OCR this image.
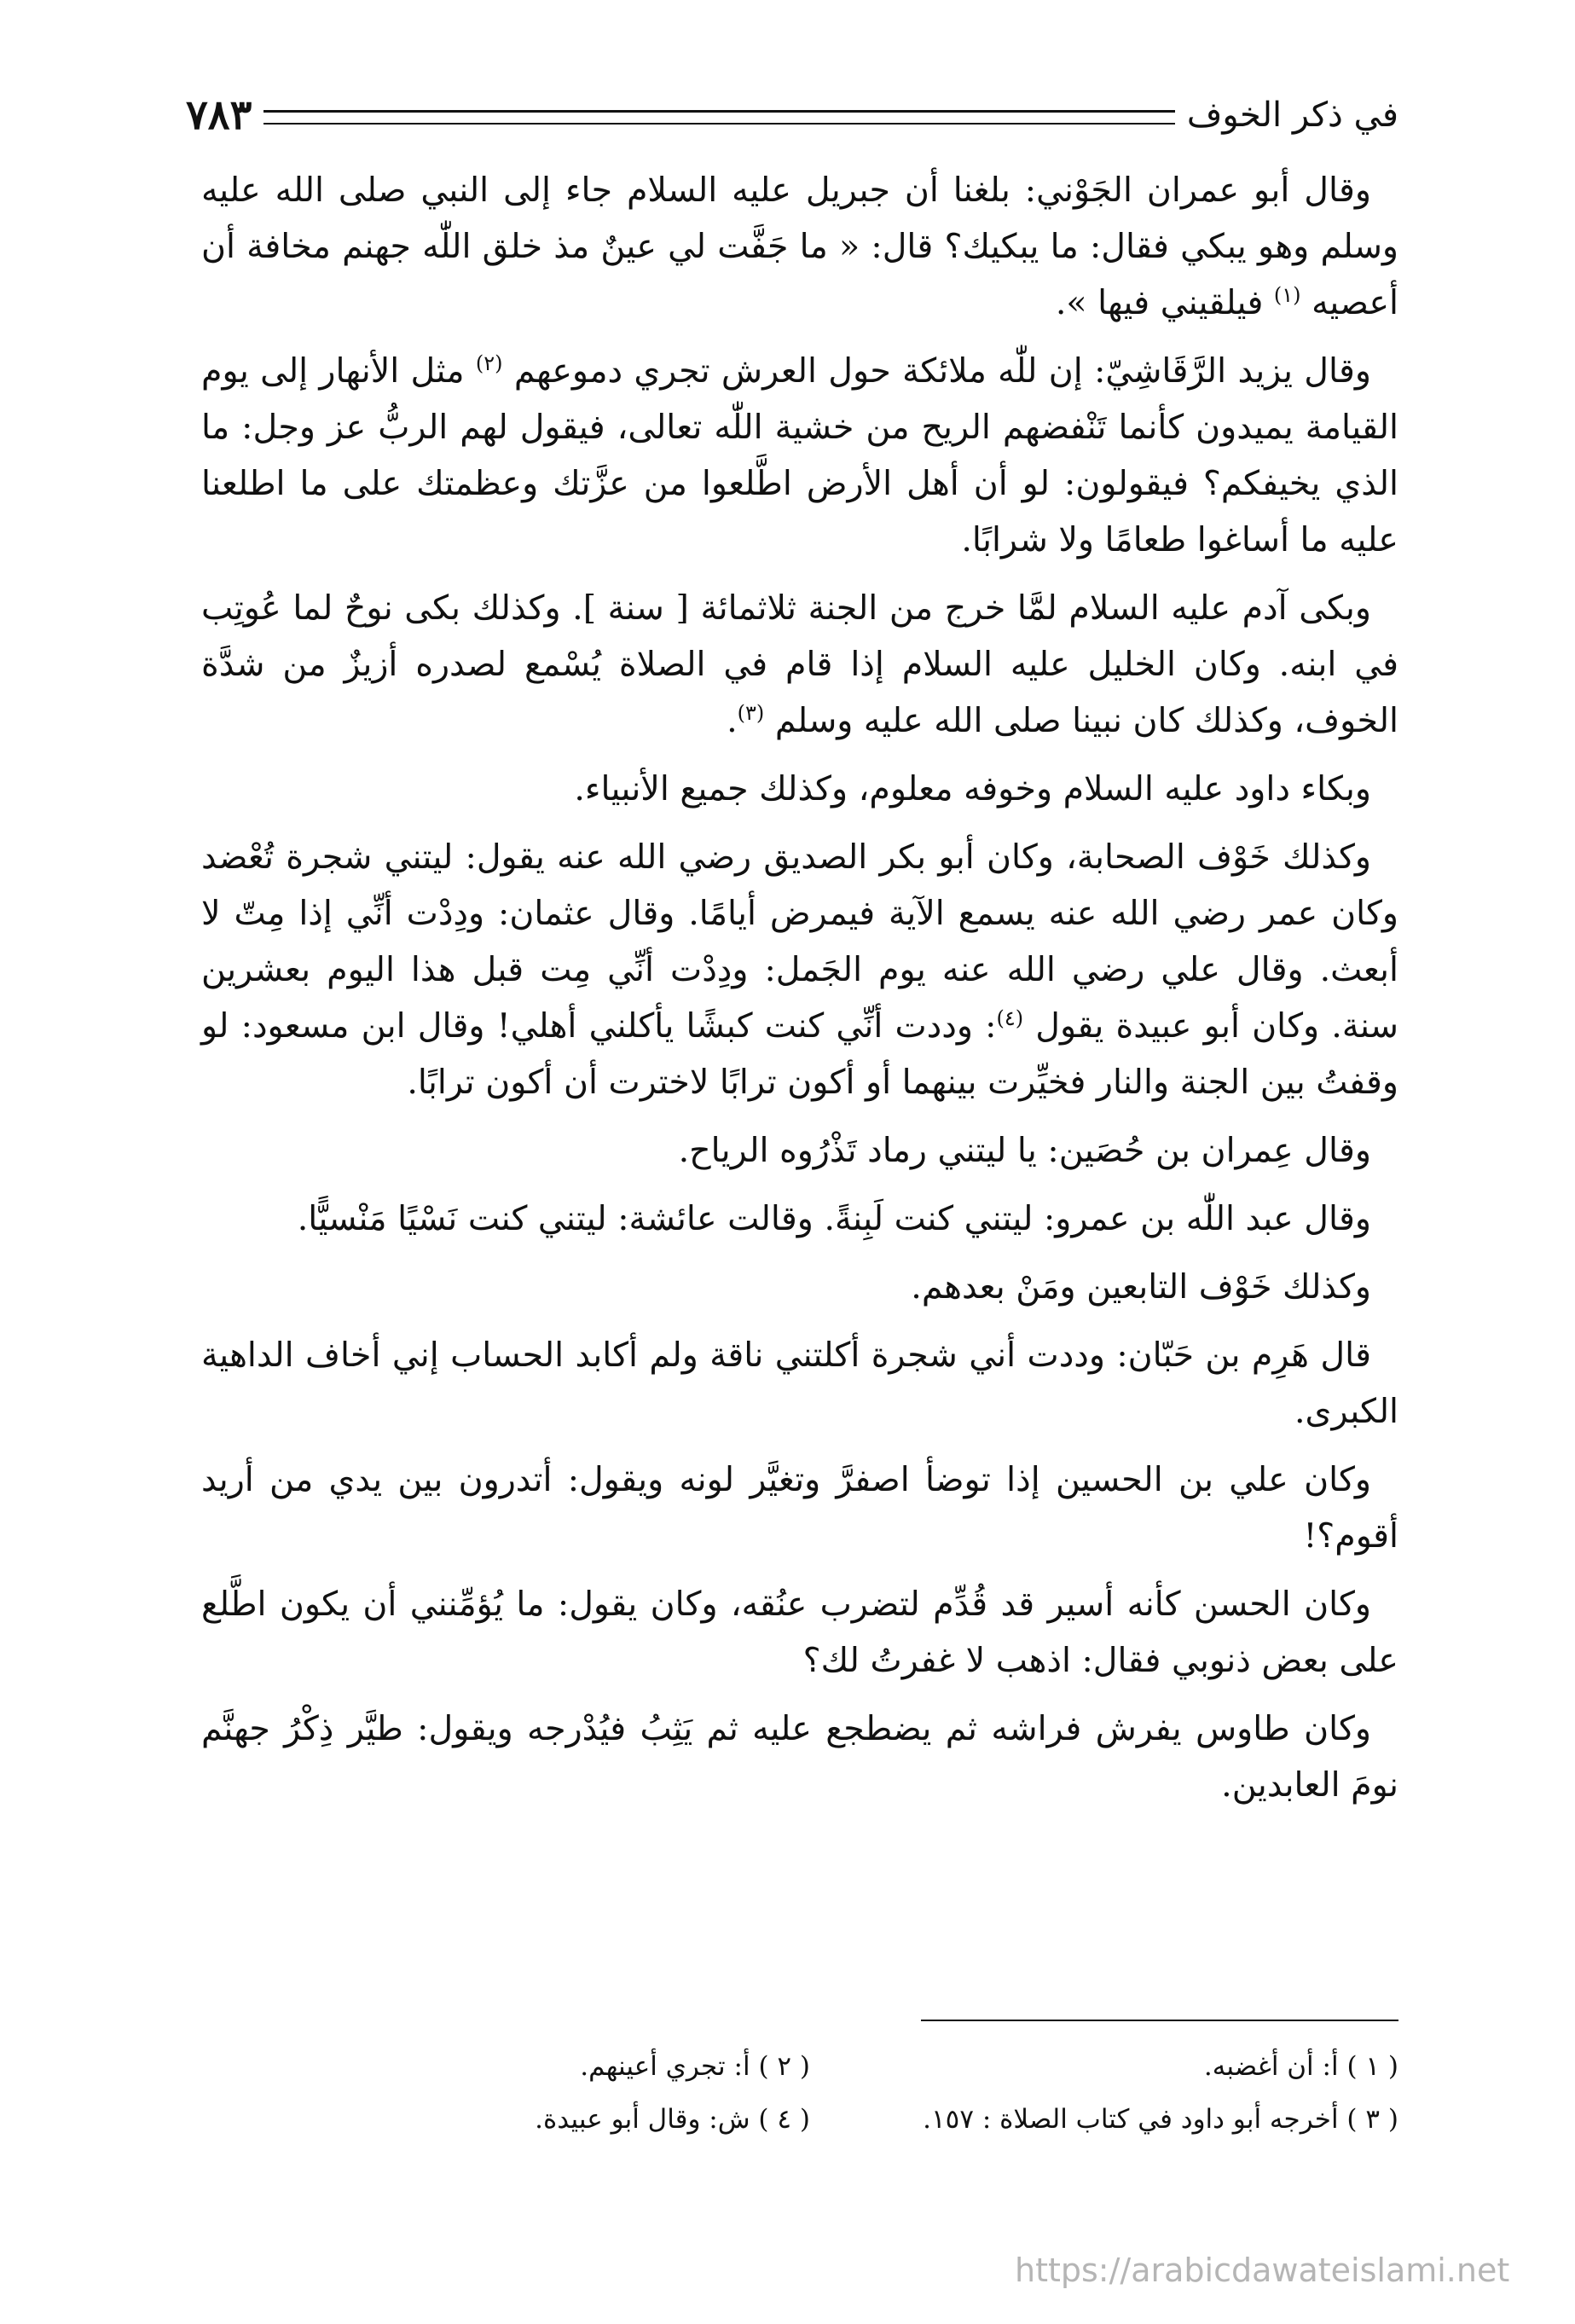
في ذكر الخوف
٧٨٣

وقال أبو عمران الجَوْني: بلغنا أن جبريل عليه السلام جاء إلى النبي صلى الله عليه وسلم وهو يبكي فقال: ما يبكيك؟ قال: « ما جَفَّت لي عينٌ مذ خلق اللّٰه جهنم مخافة أن أعصيه $^{(١)}$ فيلقيني فيها ».

وقال يزيد الرَّقَاشِيّ: إن للّٰه ملائكة حول العرش تجري دموعهم $^{(٢)}$ مثل الأنهار إلى يوم القيامة يميدون كأنما تَنْفضهم الريح من خشية اللّٰه تعالى، فيقول لهم الربُّ عز وجل: ما الذي يخيفكم؟ فيقولون: لو أن أهل الأرض اطَّلعوا من عزَّتك وعظمتك على ما اطلعنا عليه ما أساغوا طعامًا ولا شرابًا.

وبكى آدم عليه السلام لمَّا خرج من الجنة ثلاثمائة [ سنة ]. وكذلك بكى نوحٌ لما عُوتِب في ابنه. وكان الخليل عليه السلام إذا قام في الصلاة يُسْمع لصدره أزيزٌ من شدَّة الخوف، وكذلك كان نبينا صلى الله عليه وسلم $^{(٣)}$.

وبكاء داود عليه السلام وخوفه معلوم، وكذلك جميع الأنبياء.

وكذلك خَوْف الصحابة، وكان أبو بكر الصديق رضي الله عنه يقول: ليتني شجرة تُعْضد وكان عمر رضي الله عنه يسمع الآية فيمرض أيامًا. وقال عثمان: ودِدْت أنِّي إذا مِتّ لا أبعث. وقال علي رضي الله عنه يوم الجَمل: ودِدْت أنِّي مِت قبل هذا اليوم بعشرين سنة. وكان أبو عبيدة يقول $^{(٤)}$: وددت أنِّي كنت كبشًا يأكلني أهلي! وقال ابن مسعود: لو وقفتُ بين الجنة والنار فخيِّرت بينهما أو أكون ترابًا لاخترت أن أكون ترابًا.

وقال عِمران بن حُصَين: يا ليتني رماد تَذْرُوه الرياح.

وقال عبد اللّٰه بن عمرو: ليتني كنت لَبِنةً. وقالت عائشة: ليتني كنت نَسْيًا مَنْسيًّا.

وكذلك خَوْف التابعين ومَنْ بعدهم.

قال هَرِم بن حَبّان: وددت أني شجرة أكلتني ناقة ولم أكابد الحساب إني أخاف الداهية الكبرى.

وكان علي بن الحسين إذا توضأ اصفرَّ وتغيَّر لونه ويقول: أتدرون بين يدي من أريد أقوم؟!

وكان الحسن كأنه أسير قد قُدِّم لتضرب عنُقه، وكان يقول: ما يُؤمِّنني أن يكون اطَّلع على بعض ذنوبي فقال: اذهب لا غفرتُ لك؟

وكان طاوس يفرش فراشه ثم يضطجع عليه ثم يَثِبُ فيُدْرجه ويقول: طيَّر ذِكْرُ جهنَّم نومَ العابدين.

( ١ ) أ: أن أغضبه.
( ٢ ) أ: تجري أعينهم.
( ٣ ) أخرجه أبو داود في كتاب الصلاة : ١٥٧.
( ٤ ) ش: وقال أبو عبيدة.
https://arabicdawateislami.net
